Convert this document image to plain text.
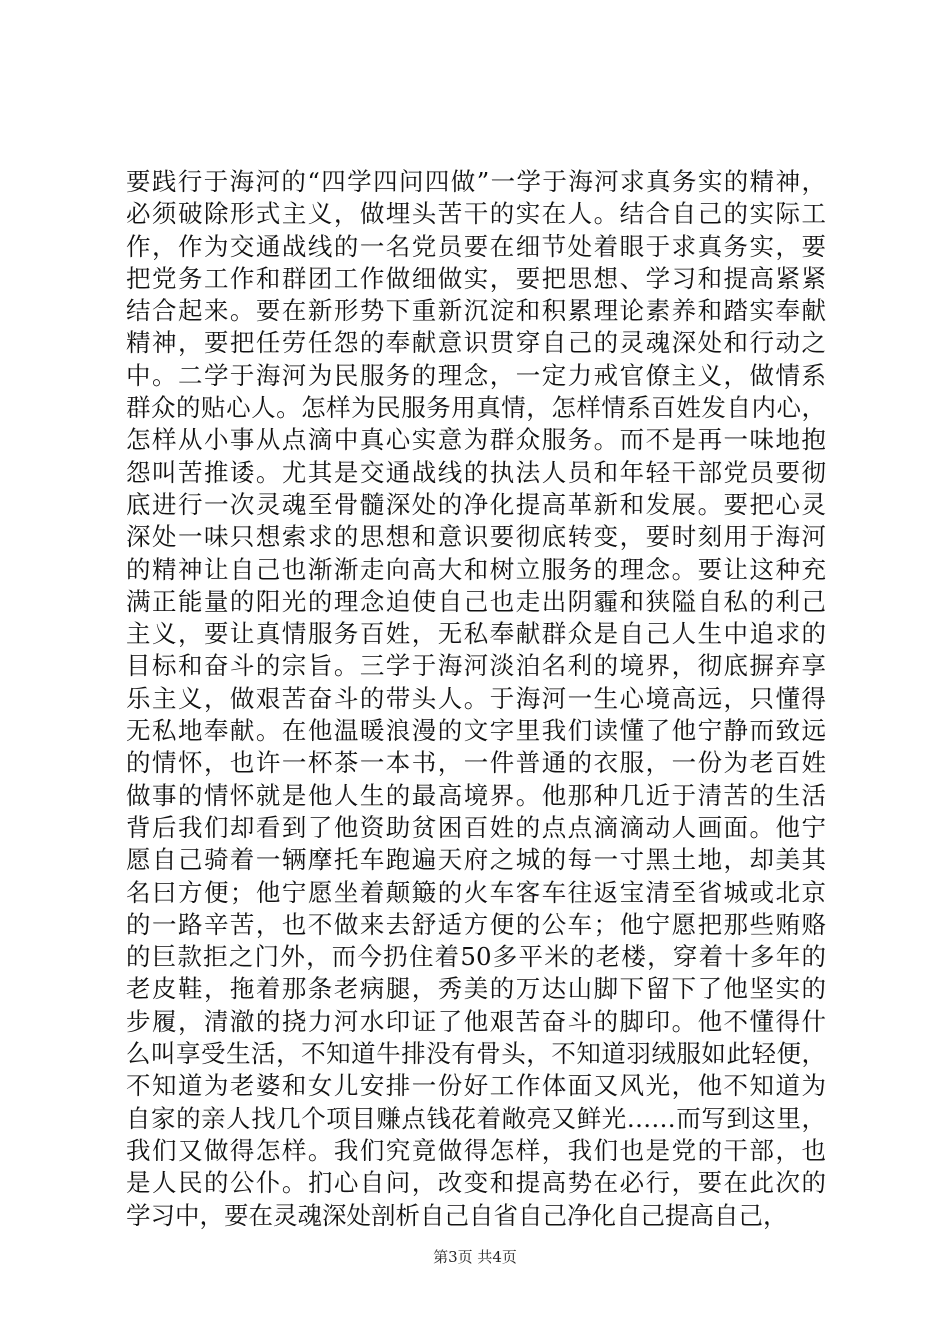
要践行于海河的“四学四问四做”一学于海河求真务实的精神，
必须破除形式主义，做埋头苦干的实在人。结合自己的实际工
作，作为交通战线的一名党员要在细节处着眼于求真务实，要
把党务工作和群团工作做细做实，要把思想、学习和提高紧紧
结合起来。要在新形势下重新沉淀和积累理论素养和踏实奉献
精神，要把任劳任怨的奉献意识贯穿自己的灵魂深处和行动之
中。二学于海河为民服务的理念，一定力戒官僚主义，做情系
群众的贴心人。怎样为民服务用真情，怎样情系百姓发自内心，
怎样从小事从点滴中真心实意为群众服务。而不是再一味地抱
怨叫苦推诿。尤其是交通战线的执法人员和年轻干部党员要彻
底进行一次灵魂至骨髓深处的净化提高革新和发展。要把心灵
深处一味只想索求的思想和意识要彻底转变，要时刻用于海河
的精神让自己也渐渐走向高大和树立服务的理念。要让这种充
满正能量的阳光的理念迫使自己也走出阴霾和狭隘自私的利己
主义，要让真情服务百姓，无私奉献群众是自己人生中追求的
目标和奋斗的宗旨。三学于海河淡泊名利的境界，彻底摒弃享
乐主义，做艰苦奋斗的带头人。于海河一生心境高远，只懂得
无私地奉献。在他温暖浪漫的文字里我们读懂了他宁静而致远
的情怀，也许一杯茶一本书，一件普通的衣服，一份为老百姓
做事的情怀就是他人生的最高境界。他那种几近于清苦的生活
背后我们却看到了他资助贫困百姓的点点滴滴动人画面。他宁
愿自己骑着一辆摩托车跑遍天府之城的每一寸黑土地，却美其
名曰方便；他宁愿坐着颠簸的火车客车往返宝清至省城或北京
的一路辛苦，也不做来去舒适方便的公车；他宁愿把那些贿赂
的巨款拒之门外，而今扔住着50多平米的老楼，穿着十多年的
老皮鞋，拖着那条老病腿，秀美的万达山脚下留下了他坚实的
步履，清澈的挠力河水印证了他艰苦奋斗的脚印。他不懂得什
么叫享受生活，不知道牛排没有骨头，不知道羽绒服如此轻便，
不知道为老婆和女儿安排一份好工作体面又风光，他不知道为
自家的亲人找几个项目赚点钱花着敞亮又鲜光……而写到这里，
我们又做得怎样。我们究竟做得怎样，我们也是党的干部，也
是人民的公仆。扪心自问，改变和提高势在必行，要在此次的
学习中，要在灵魂深处剖析自己自省自己净化自己提高自己，
第3页 共4页
